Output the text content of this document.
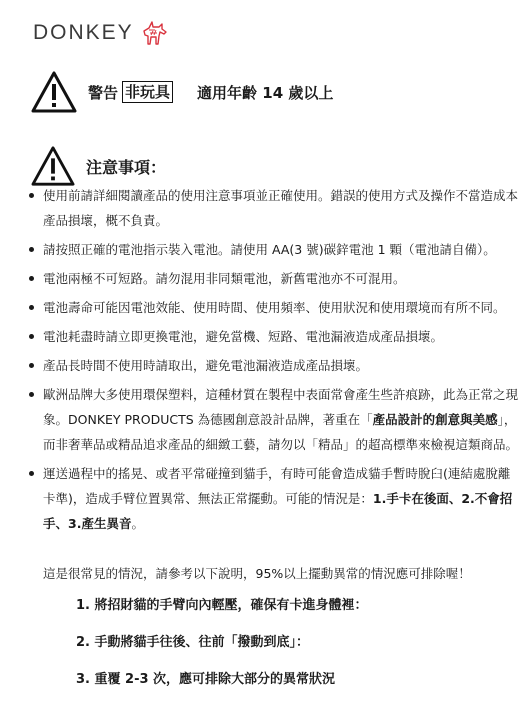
DONKEY
警告 非玩具 適用年齡 14 歲以上
注意事項：
使用前請詳細閱讀產品的使用注意事項並正確使用。錯誤的使用方式及操作不當造成本產品損壞，概不負責。
請按照正確的電池指示裝入電池。請使用 AA(3 號)碳鋅電池 1 顆（電池請自備）。
電池兩極不可短路。請勿混用非同類電池，新舊電池亦不可混用。
電池壽命可能因電池效能、使用時間、使用頻率、使用狀況和使用環境而有所不同。
電池耗盡時請立即更換電池，避免當機、短路、電池漏液造成產品損壞。
產品長時間不使用時請取出，避免電池漏液造成產品損壞。
歐洲品牌大多使用環保塑料，這種材質在製程中表面常會產生些許痕跡，此為正常之現象。DONKEY PRODUCTS 為德國創意設計品牌，著重在「產品設計的創意與美感」，而非奢華品或精品追求產品的細緻工藝，請勿以「精品」的超高標準來檢視這類商品。
運送過程中的搖晃、或者平常碰撞到貓手，有時可能會造成貓手暫時脫臼(連結處脫離卡準)，造成手臂位置異常、無法正常擺動。可能的情況是：1.手卡在後面、2.不會招手、3.產生異音。
這是很常見的情況，請參考以下說明，95%以上擺動異常的情況應可排除喔！
1. 將招財貓的手臂向內輕壓，確保有卡進身體裡：
2. 手動將貓手往後、往前「撥動到底」：
3. 重覆 2-3 次，應可排除大部分的異常狀況
